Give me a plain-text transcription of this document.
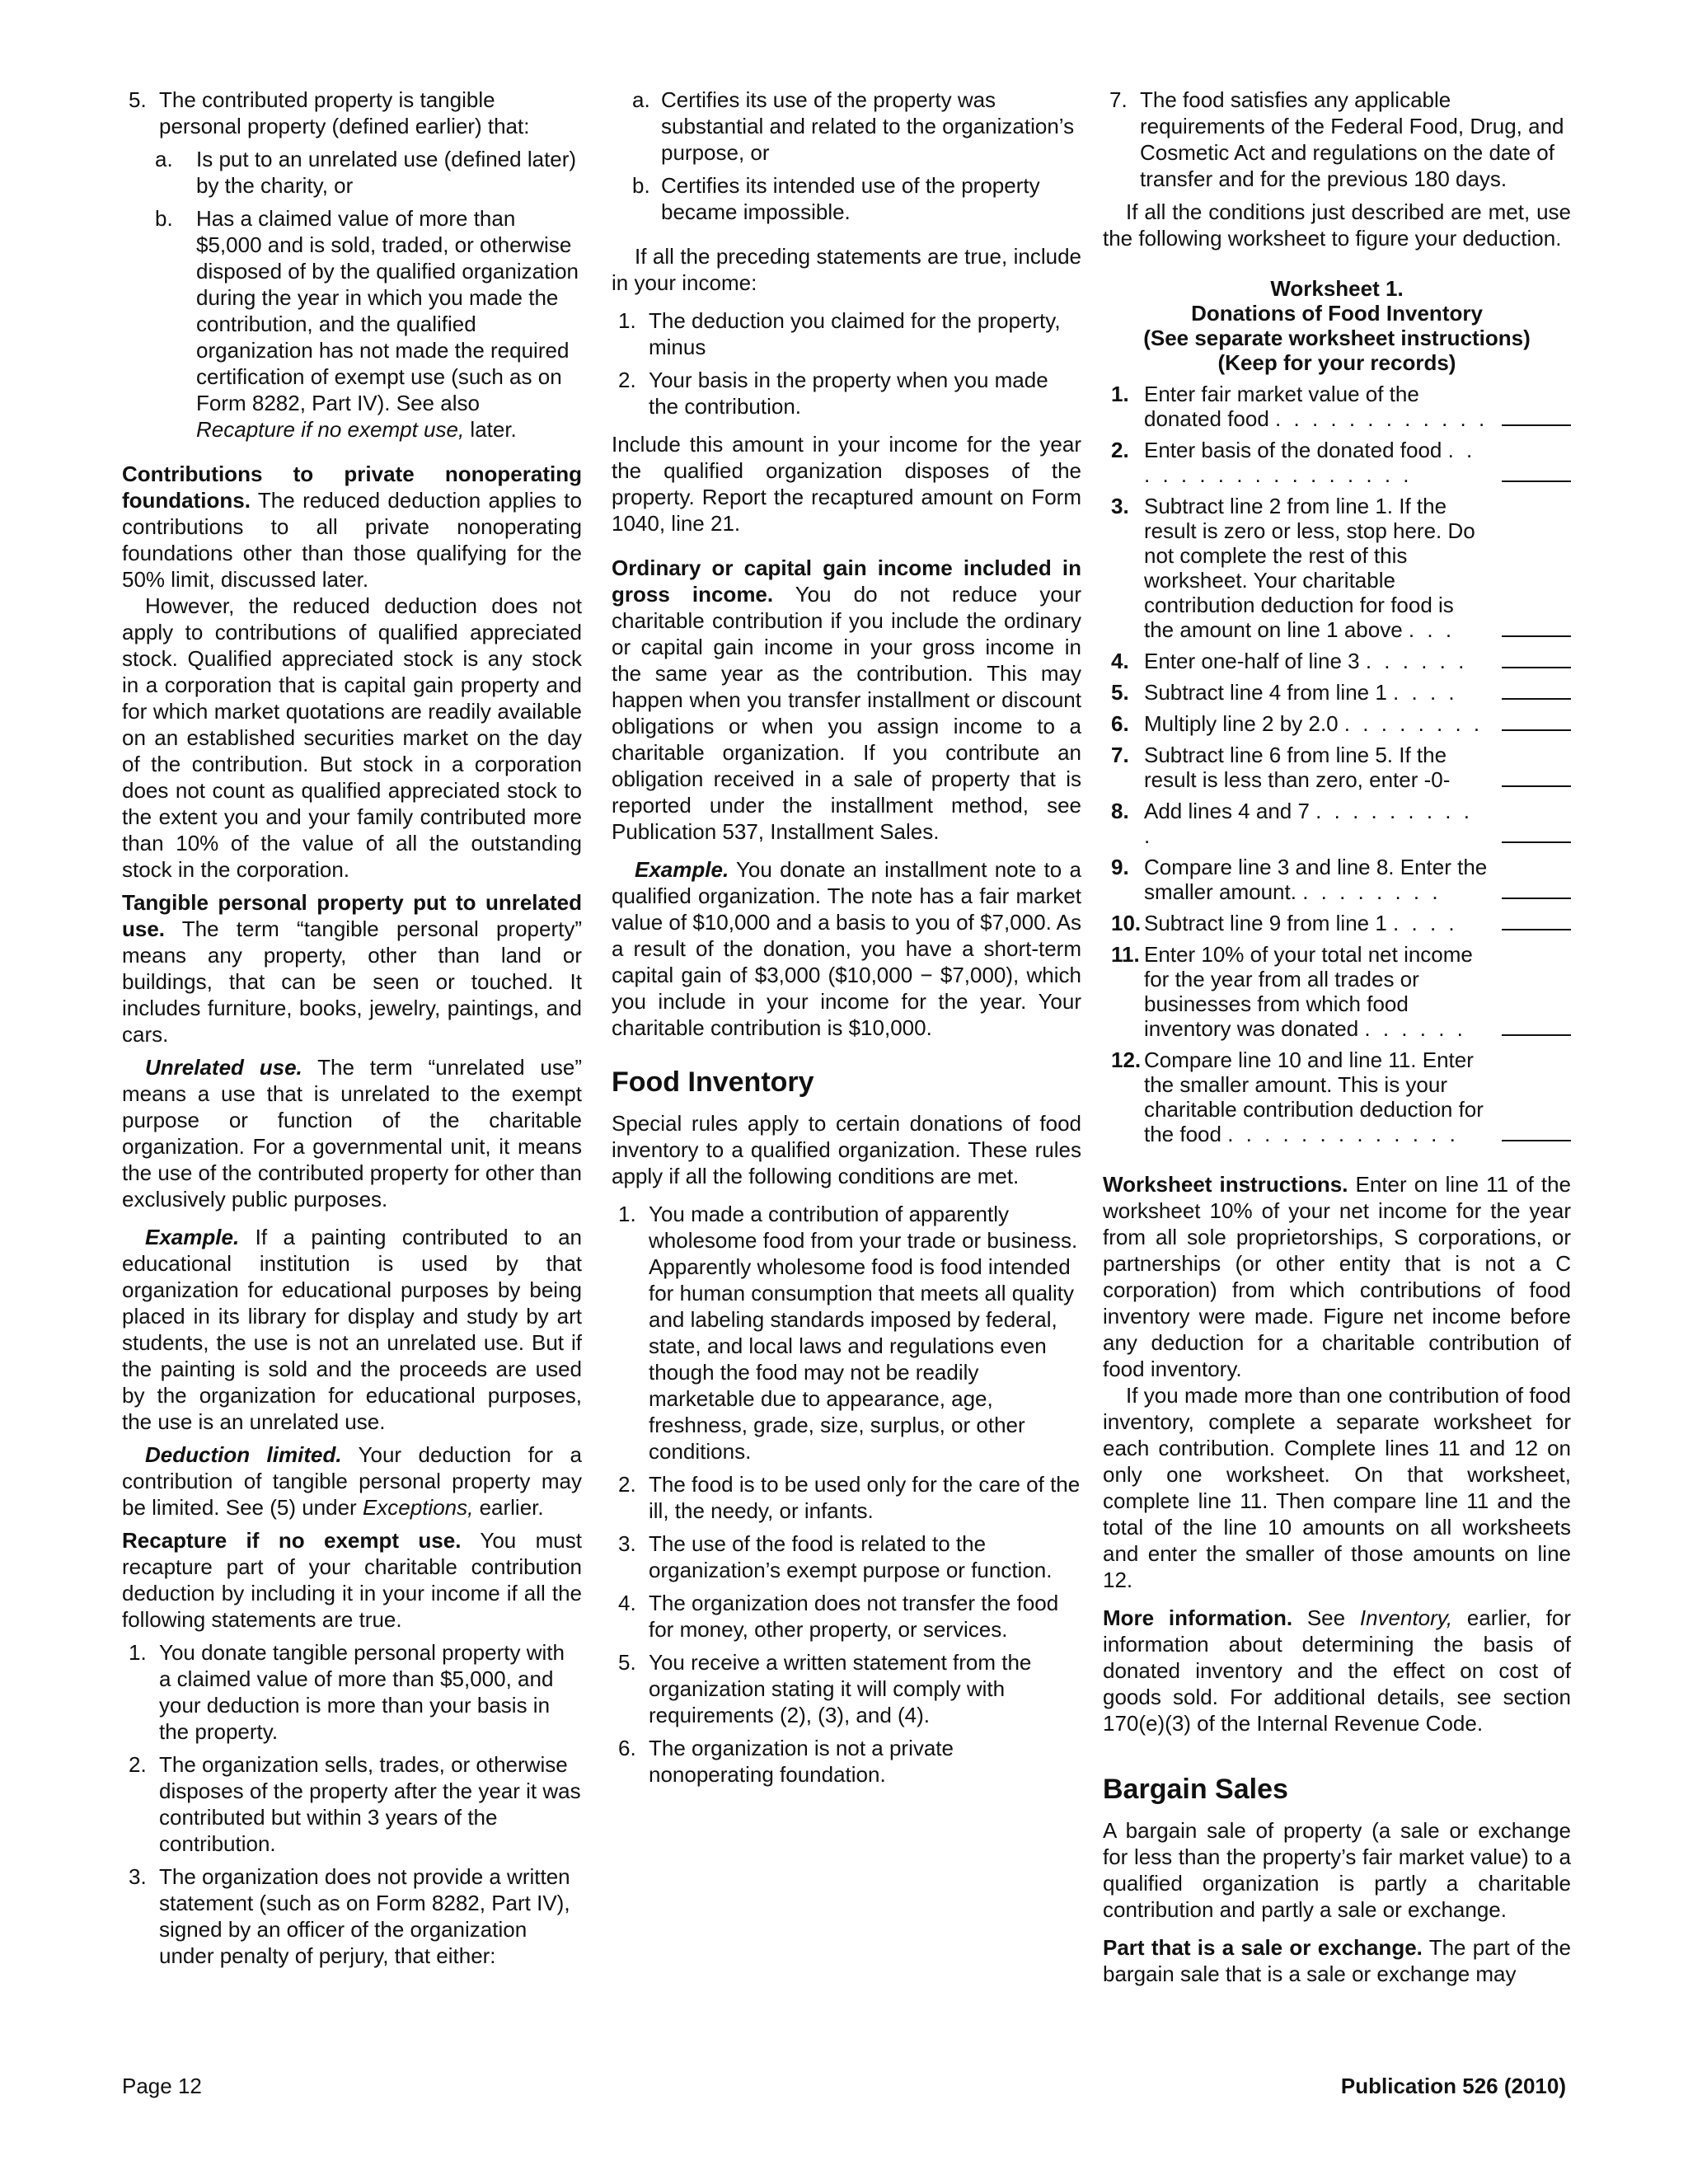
5. The contributed property is tangible personal property (defined earlier) that:
a. Is put to an unrelated use (defined later) by the charity, or
b. Has a claimed value of more than $5,000 and is sold, traded, or otherwise disposed of by the qualified organization during the year in which you made the contribution, and the qualified organization has not made the required certification of exempt use (such as on Form 8282, Part IV). See also Recapture if no exempt use, later.

Contributions to private nonoperating foundations. The reduced deduction applies to contributions to all private nonoperating foundations other than those qualifying for the 50% limit, discussed later.

However, the reduced deduction does not apply to contributions of qualified appreciated stock. Qualified appreciated stock is any stock in a corporation that is capital gain property and for which market quotations are readily available on an established securities market on the day of the contribution. But stock in a corporation does not count as qualified appreciated stock to the extent you and your family contributed more than 10% of the value of all the outstanding stock in the corporation.

Tangible personal property put to unrelated use. The term “tangible personal property” means any property, other than land or buildings, that can be seen or touched. It includes furniture, books, jewelry, paintings, and cars.

Unrelated use. The term “unrelated use” means a use that is unrelated to the exempt purpose or function of the charitable organization. For a governmental unit, it means the use of the contributed property for other than exclusively public purposes.

Example. If a painting contributed to an educational institution is used by that organization for educational purposes by being placed in its library for display and study by art students, the use is not an unrelated use. But if the painting is sold and the proceeds are used by the organization for educational purposes, the use is an unrelated use.

Deduction limited. Your deduction for a contribution of tangible personal property may be limited. See (5) under Exceptions, earlier.

Recapture if no exempt use. You must recapture part of your charitable contribution deduction by including it in your income if all the following statements are true.

1. You donate tangible personal property with a claimed value of more than $5,000, and your deduction is more than your basis in the property.
2. The organization sells, trades, or otherwise disposes of the property after the year it was contributed but within 3 years of the contribution.
3. The organization does not provide a written statement (such as on Form 8282, Part IV), signed by an officer of the organization under penalty of perjury, that either:
a. Certifies its use of the property was substantial and related to the organization’s purpose, or
b. Certifies its intended use of the property became impossible.

If all the preceding statements are true, include in your income:

1. The deduction you claimed for the property, minus
2. Your basis in the property when you made the contribution.

Include this amount in your income for the year the qualified organization disposes of the property. Report the recaptured amount on Form 1040, line 21.

Ordinary or capital gain income included in gross income. You do not reduce your charitable contribution if you include the ordinary or capital gain income in your gross income in the same year as the contribution. This may happen when you transfer installment or discount obligations or when you assign income to a charitable organization. If you contribute an obligation received in a sale of property that is reported under the installment method, see Publication 537, Installment Sales.

Example. You donate an installment note to a qualified organization. The note has a fair market value of $10,000 and a basis to you of $7,000. As a result of the donation, you have a short-term capital gain of $3,000 ($10,000 − $7,000), which you include in your income for the year. Your charitable contribution is $10,000.

Food Inventory

Special rules apply to certain donations of food inventory to a qualified organization. These rules apply if all the following conditions are met.

1. You made a contribution of apparently wholesome food from your trade or business. Apparently wholesome food is food intended for human consumption that meets all quality and labeling standards imposed by federal, state, and local laws and regulations even though the food may not be readily marketable due to appearance, age, freshness, grade, size, surplus, or other conditions.
2. The food is to be used only for the care of the ill, the needy, or infants.
3. The use of the food is related to the organization’s exempt purpose or function.
4. The organization does not transfer the food for money, other property, or services.
5. You receive a written statement from the organization stating it will comply with requirements (2), (3), and (4).
6. The organization is not a private nonoperating foundation.
7. The food satisfies any applicable requirements of the Federal Food, Drug, and Cosmetic Act and regulations on the date of transfer and for the previous 180 days.

If all the conditions just described are met, use the following worksheet to figure your deduction.

Worksheet 1.
Donations of Food Inventory
(See separate worksheet instructions)
(Keep for your records)
1. Enter fair market value of the donated food . . . . . . . . . . . .
2. Enter basis of the donated food . . . . . . . . . . . . . . . . .
3. Subtract line 2 from line 1. If the result is zero or less, stop here. Do not complete the rest of this worksheet. Your charitable contribution deduction for food is the amount on line 1 above . . .
4. Enter one-half of line 3 . . . . . .
5. Subtract line 4 from line 1 . . . .
6. Multiply line 2 by 2.0 . . . . . . . .
7. Subtract line 6 from line 5. If the result is less than zero, enter -0-
8. Add lines 4 and 7 . . . . . . . . . .
9. Compare line 3 and line 8. Enter the smaller amount. . . . . . . . .
10. Subtract line 9 from line 1 . . . .
11. Enter 10% of your total net income for the year from all trades or businesses from which food inventory was donated . . . . . .
12. Compare line 10 and line 11. Enter the smaller amount. This is your charitable contribution deduction for the food . . . . . . . . . . . . .

Worksheet instructions. Enter on line 11 of the worksheet 10% of your net income for the year from all sole proprietorships, S corporations, or partnerships (or other entity that is not a C corporation) from which contributions of food inventory were made. Figure net income before any deduction for a charitable contribution of food inventory.

If you made more than one contribution of food inventory, complete a separate worksheet for each contribution. Complete lines 11 and 12 on only one worksheet. On that worksheet, complete line 11. Then compare line 11 and the total of the line 10 amounts on all worksheets and enter the smaller of those amounts on line 12.

More information. See Inventory, earlier, for information about determining the basis of donated inventory and the effect on cost of goods sold. For additional details, see section 170(e)(3) of the Internal Revenue Code.

Bargain Sales

A bargain sale of property (a sale or exchange for less than the property’s fair market value) to a qualified organization is partly a charitable contribution and partly a sale or exchange.

Part that is a sale or exchange. The part of the bargain sale that is a sale or exchange may

Page 12	Publication 526 (2010)
